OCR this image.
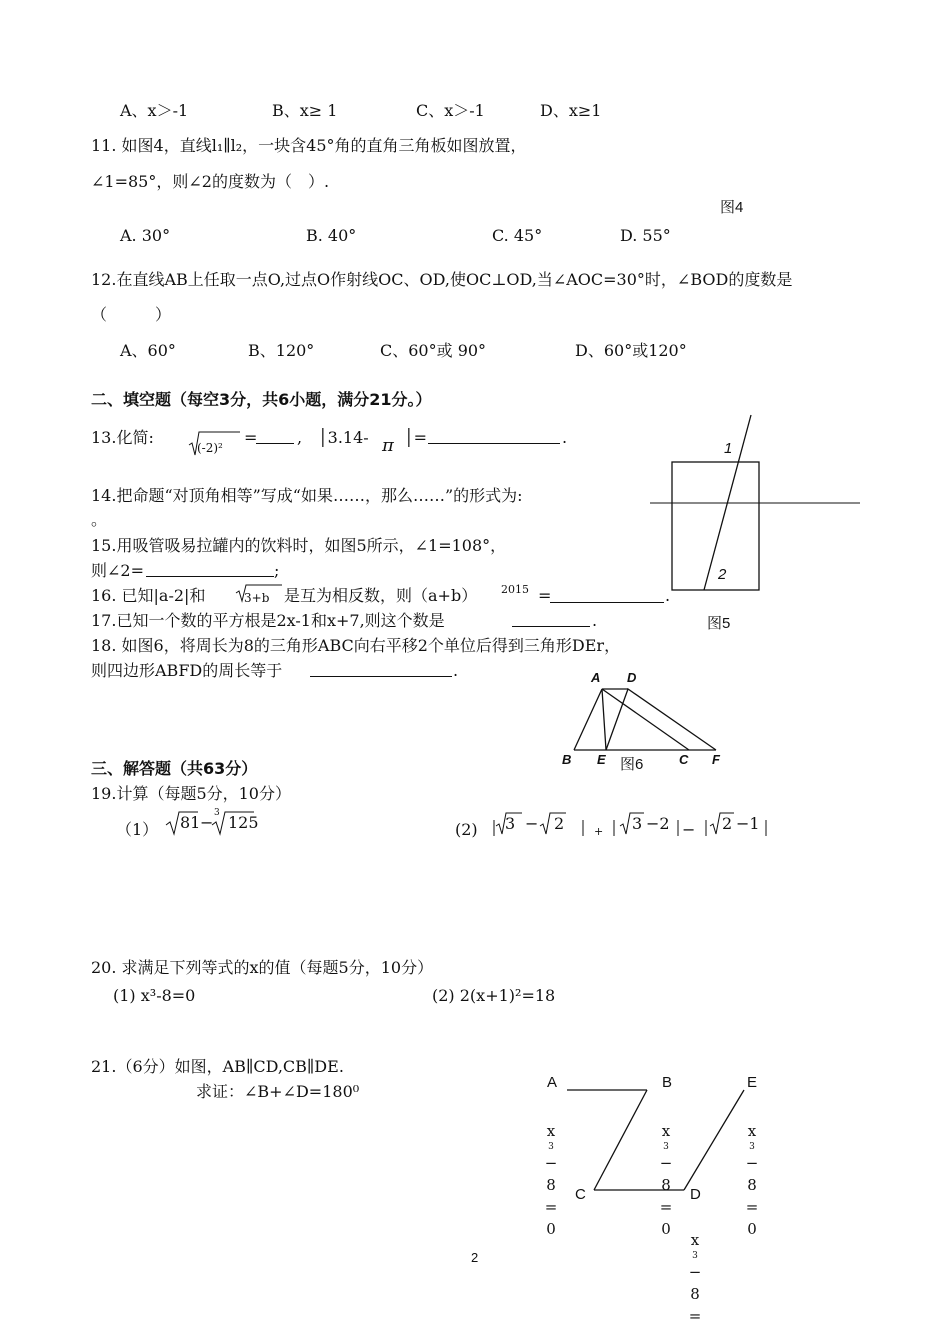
A、x＞-1	B、x≥ 1	C、x＞-1	D、x≥1
11. 如图4，直线l₁∥l₂，一块含45°角的直角三角板如图放置，
∠1=85°，则∠2的度数为（　）.
图4
A. 30°	B. 40°	C. 45°	D. 55°
12.在直线AB上任取一点O,过点O作射线OC、OD,使OC⊥OD,当∠AOC=30°时，∠BOD的度数是
（　　　）
A、60°	B、120°	C、60°或 90°	D、60°或120°
二、填空题（每空3分，共6小题，满分21分。）
13.化简:
(-2)²
= , │3.14- π │=	.
14.把命题“对顶角相等”写成“如果……，那么……”的形式为:
。
15.用吸管吸易拉罐内的饮料时，如图5所示，∠1=108°，
则∠2=	;
16. 已知|a-2|和	3+b 是互为相反数，则（a+b） 2015 =	.
17.已知一个数的平方根是2x-1和x+7,则这个数是	.
18. 如图6，将周长为8的三角形ABC向右平移2个单位后得到三角形DEr，
则四边形ABFD的周长等于	.
1
2
图5
A D
B E 图6	C F
三、解答题（共63分）
19.计算（每题5分，10分）
（1） 81 − 3 125	(2) 3 − 2	+ 3 −2 − 2 −1
20. 求满足下列等式的x的值（每题5分，10分）
(1) x³-8=0	(2) 2(x+1)²=18
21.（6分）如图，AB∥CD,CB∥DE.
求证：∠B+∠D=180⁰	A	B	E
C	D
x
3
−
8
=
0
x
3
−
8
=
0
x
3
−
8
=
0
x
3
−
8
=
2
